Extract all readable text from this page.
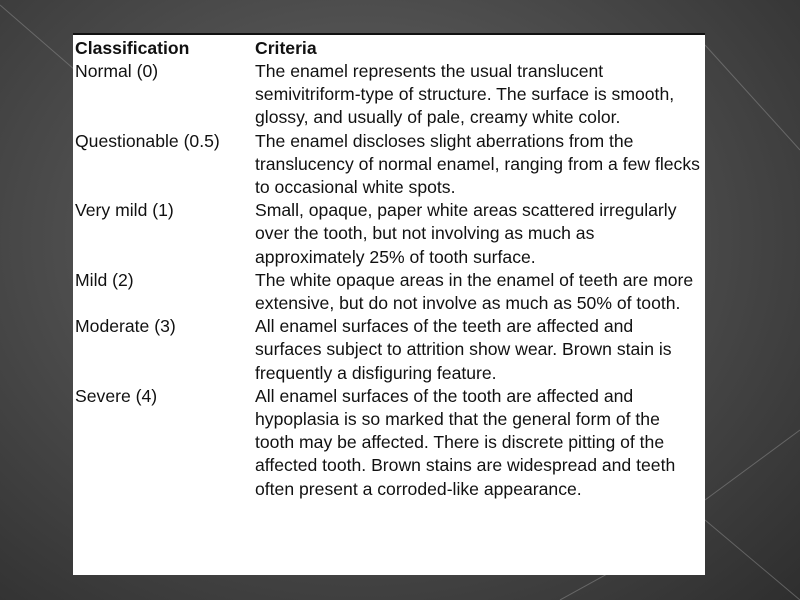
Classification	Criteria
Normal (0)	The enamel represents the usual translucent semivitriform-type of structure. The surface is smooth, glossy, and usually of pale, creamy white color.
Questionable (0.5)	The enamel discloses slight aberrations from the translucency of normal enamel, ranging from a few flecks to occasional white spots.
Very mild (1)	Small, opaque, paper white areas scattered irregularly over the tooth, but not involving as much as approximately 25% of tooth surface.
Mild (2)	The white opaque areas in the enamel of teeth are more extensive, but do not involve as much as 50% of tooth.
Moderate (3)	All enamel surfaces of the teeth are affected and surfaces subject to attrition show wear. Brown stain is frequently a disfiguring feature.
Severe (4)	All enamel surfaces of the tooth are affected and hypoplasia is so marked that the general form of the tooth may be affected. There is discrete pitting of the affected tooth. Brown stains are widespread and teeth often present a corroded-like appearance.
